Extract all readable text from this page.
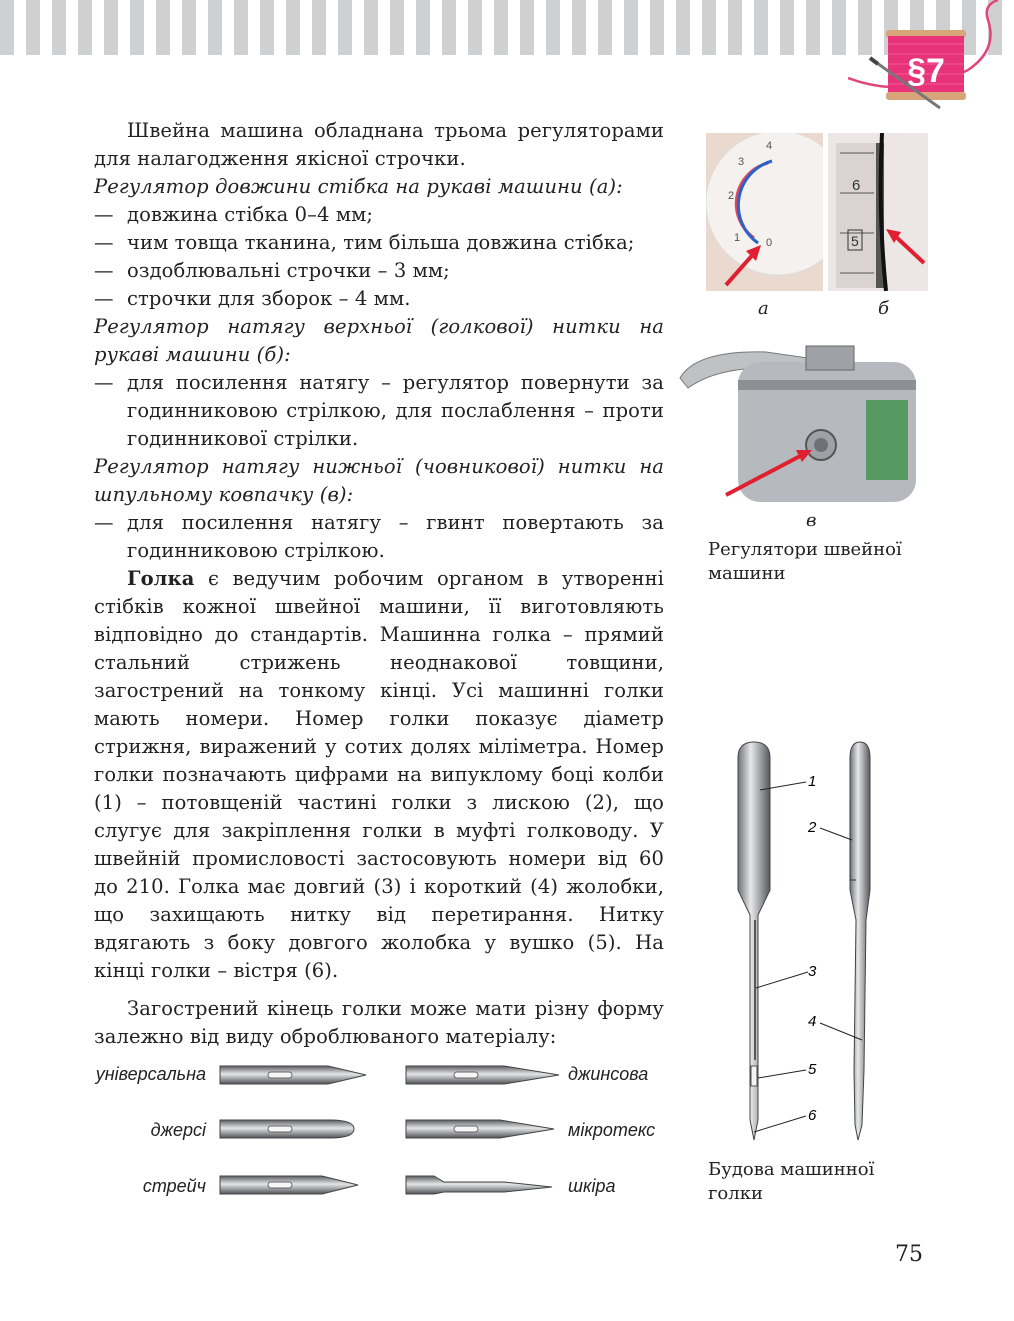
§7

Швейна машина обладнана трьома регуляторами для налагодження якісної строчки.

Регулятор довжини стібка на рукаві машини (а):

— довжина стібка 0–4 мм;

— чим товща тканина, тим більша довжина стібка;

— оздоблювальні строчки – 3 мм;

— строчки для зборок – 4 мм.

Регулятор натягу верхньої (голкової) нитки на рукаві машини (б):

— для посилення натягу – регулятор повернути за годинниковою стрілкою, для послаблення – проти годинникової стрілки.

Регулятор натягу нижньої (човникової) нитки на шпульному ковпачку (в):

— для посилення натягу – гвинт повертають за годинниковою стрілкою.

Голка є ведучим робочим органом в утворенні стібків кожної швейної машини, її виготовляють відповідно до стандартів. Машинна голка – прямий стальний стрижень неоднакової товщини, загострений на тонкому кінці. Усі машинні голки мають номери. Номер голки показує діаметр стрижня, виражений у сотих долях міліметра. Номер голки позначають цифрами на випуклому боці колби (1) – потовщеній частині голки з лискою (2), що слугує для закріплення голки в муфті голководу. У швейній промисловості застосовують номери від 60 до 210. Голка має довгий (3) і короткий (4) жолобки, що захищають нитку від перетирання. Нитку вдягають з боку довгого жолобка у вушко (5). На кінці голки – вістря (6).

Загострений кінець голки може мати різну форму залежно від виду оброблюваного матеріалу:

1 0
2
3
4
6
5
а	б
в
Регулятори швейної машини
1
2
3
4
5
6
Будова машинної голки
універсальна
джерсі
стрейч
джинсова
мікротекс
шкіра
75
